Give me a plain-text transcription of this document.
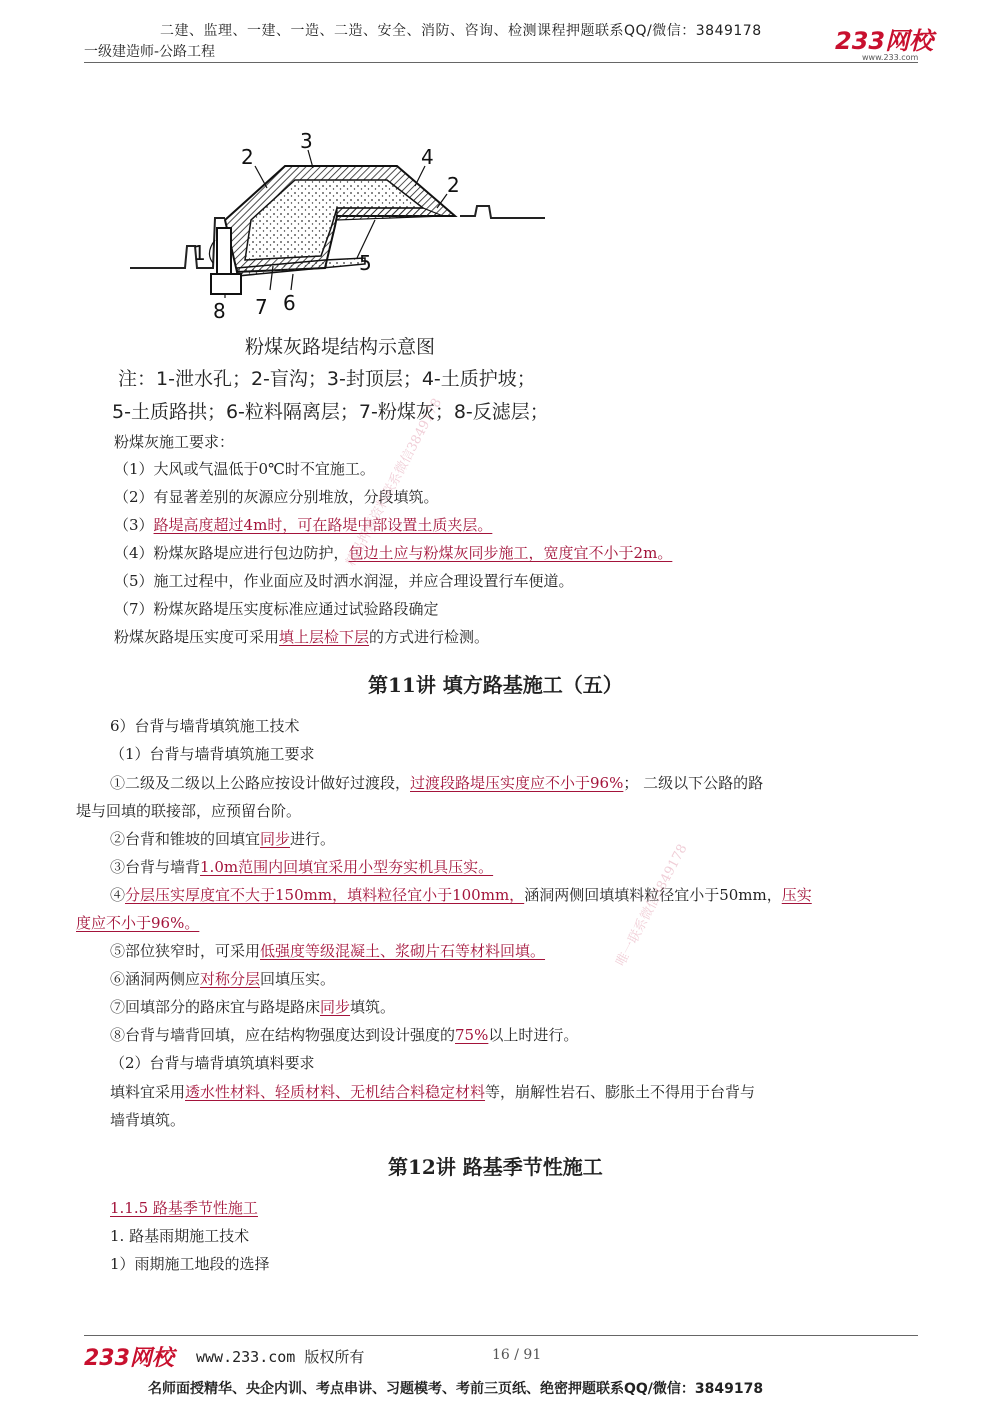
二建、监理、一建、一造、二造、安全、消防、咨询、检测课程押题联系QQ/微信：3849178
一级建造师-公路工程	233网校
www.233.com
3
2	4
2
1	5
6
7
8
粉煤灰路堤结构示意图
注：1-泄水孔；2-盲沟；3-封顶层；4-土质护坡；
5-土质路拱；6-粒料隔离层；7-粉煤灰；8-反滤层；
粉煤灰施工要求：
（1）大风或气温低于0℃时不宜施工。
（2）有显著差别的灰源应分别堆放，分段填筑。
（3）路堤高度超过4m时，可在路堤中部设置土质夹层。
（4）粉煤灰路堤应进行包边防护，包边土应与粉煤灰同步施工，宽度宜不小于2m。
（5）施工过程中，作业面应及时洒水润湿，并应合理设置行车便道。
（7）粉煤灰路堤压实度标准应通过试验路段确定
粉煤灰路堤压实度可采用填上层检下层的方式进行检测。
第11讲 填方路基施工（五）
6）台背与墙背填筑施工技术
（1）台背与墙背填筑施工要求
①二级及二级以上公路应按设计做好过渡段，过渡段路堤压实度应不小于96%； 二级以下公路的路
堤与回填的联接部，应预留台阶。
②台背和锥坡的回填宜同步进行。
③台背与墙背1.0m范围内回填宜采用小型夯实机具压实。
④分层压实厚度宜不大于150mm，填料粒径宜小于100mm，涵洞两侧回填填料粒径宜小于50mm，压实
度应不小于96%。
⑤部位狭窄时，可采用低强度等级混凝土、浆砌片石等材料回填。
⑥涵洞两侧应对称分层回填压实。
⑦回填部分的路床宜与路堤路床同步填筑。
⑧台背与墙背回填，应在结构物强度达到设计强度的75%以上时进行。
（2）台背与墙背填筑填料要求
填料宜采用透水性材料、轻质材料、无机结合料稳定材料等，崩解性岩石、膨胀土不得用于台背与
墙背填筑。
第12讲 路基季节性施工
1.1.5 路基季节性施工
1. 路基雨期施工技术
1）雨期施工地段的选择
精品押题资料联系微信3849178
唯一联系微信3849178
233网校 www.233.com 版权所有	16 / 91
名师面授精华、央企内训、考点串讲、习题模考、考前三页纸、绝密押题联系QQ/微信：3849178
